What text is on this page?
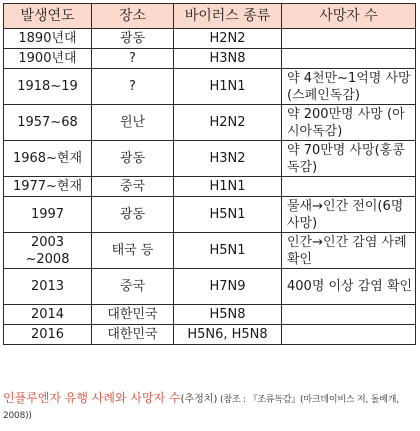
발생연도	장소	바이러스 종류	사망자 수
1890년대	광동	H2N2	
1900년대	?	H3N8	
1918~19	?	H1N1	약 4천만~1억명 사망(스페인독감)
1957~68	윈난	H2N2	약 200만명 사망 (아시아독감)
1968~현재	광동	H3N2	약 70만명 사망(홍콩독감)
1977~현재	중국	H1N1	
1997	광동	H5N1	물새→인간 전이(6명 사망)
2003 ~2008	태국 등	H5N1	인간→인간 감염 사례 확인
2013	중국	H7N9	400명 이상 감염 확인
2014	대한민국	H5N8	
2016	대한민국	H5N6, H5N8	
인플루엔자 유행 사례와 사망자 수(추정치) (참조 : 『조류독감』(마크데이비스 저, 돌베개, 2008))
